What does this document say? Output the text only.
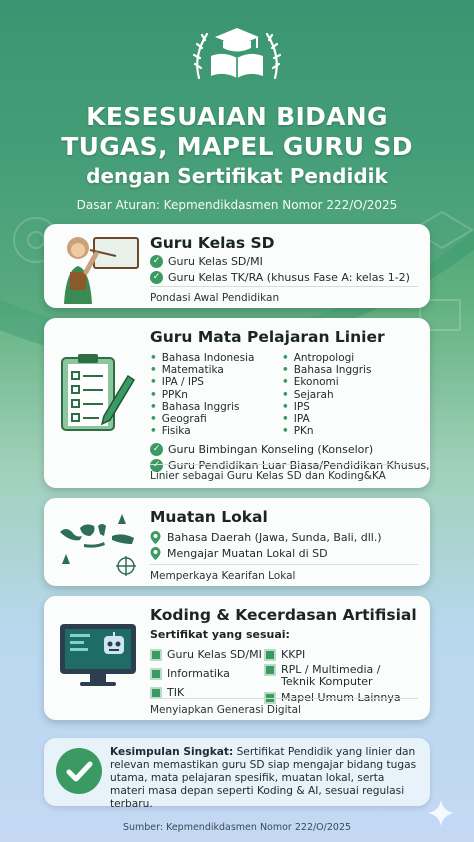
KESESUAIAN BIDANG
TUGAS, MAPEL GURU SD
dengan Sertifikat Pendidik
Dasar Aturan: Kepmendikdasmen Nomor 222/O/2025
Guru Kelas SD
✓ Guru Kelas SD/MI
✓ Guru Kelas TK/RA (khusus Fase A: kelas 1-2)
Pondasi Awal Pendidikan
Guru Mata Pelajaran Linier
• Bahasa Indonesia
• Matematika
• IPA / IPS
• PPKn
• Bahasa Inggris
• Geografi
• Fisika
• Antropologi
• Bahasa Inggris
• Ekonomi
• Sejarah
• IPS
• IPA
• PKn
✓ Guru Bimbingan Konseling (Konselor)
✓ Guru Pendidikan Luar Biasa/Pendidikan Khusus,
Linier sebagai Guru Kelas SD dan Koding&KA
Muatan Lokal
Bahasa Daerah (Jawa, Sunda, Bali, dll.)
Mengajar Muatan Lokal di SD
Memperkaya Kearifan Lokal
Koding & Kecerdasan Artifisial
Sertifikat yang sesuai:
Guru Kelas SD/MI
Informatika
TIK
KKPI
RPL / Multimedia /
Teknik Komputer
Mapel Umum Lainnya
Menyiapkan Generasi Digital
Kesimpulan Singkat: Sertifikat Pendidik yang linier dan relevan memastikan guru SD siap mengajar bidang tugas utama, mata pelajaran spesifik, muatan lokal, serta materi masa depan seperti Koding & AI, sesuai regulasi terbaru.
Sumber: Kepmendikdasmen Nomor 222/O/2025
